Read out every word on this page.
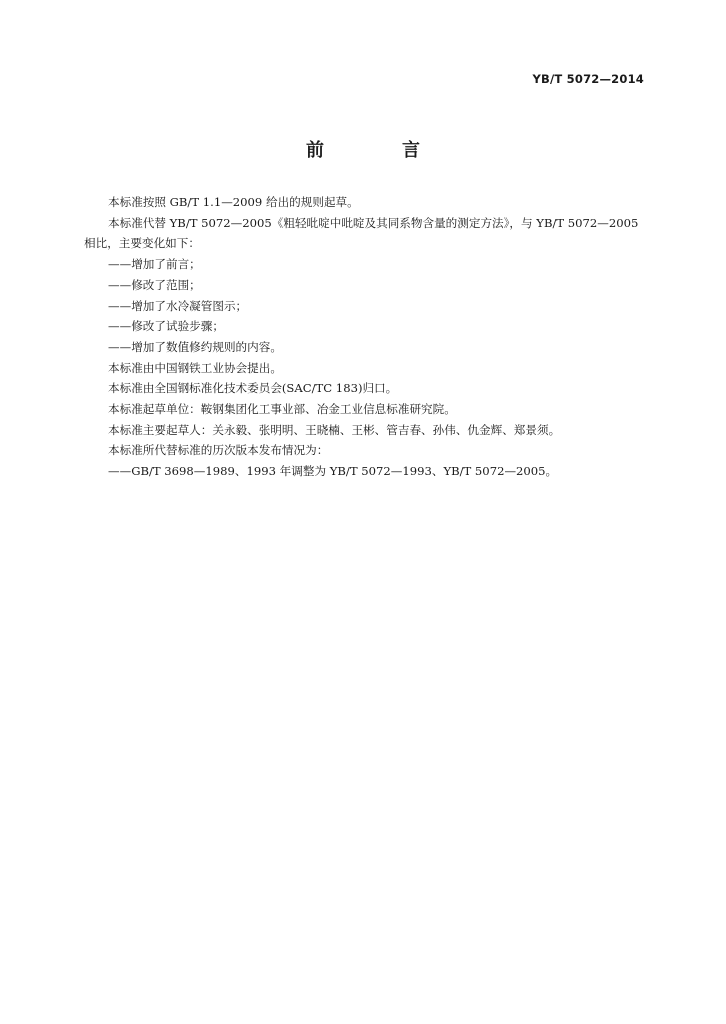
YB/T 5072—2014
前　言

本标准按照 GB/T 1.1—2009 给出的规则起草。

本标准代替 YB/T 5072—2005《粗轻吡啶中吡啶及其同系物含量的测定方法》，与 YB/T 5072—2005 相比，主要变化如下：

——增加了前言；

——修改了范围；

——增加了水冷凝管图示；

——修改了试验步骤；

——增加了数值修约规则的内容。

本标准由中国钢铁工业协会提出。

本标准由全国钢标准化技术委员会(SAC/TC 183)归口。

本标准起草单位：鞍钢集团化工事业部、冶金工业信息标准研究院。

本标准主要起草人：关永毅、张明明、王晓楠、王彬、管吉春、孙伟、仇金辉、郑景须。

本标准所代替标准的历次版本发布情况为：

——GB/T 3698—1989、1993 年调整为 YB/T 5072—1993、YB/T 5072—2005。
